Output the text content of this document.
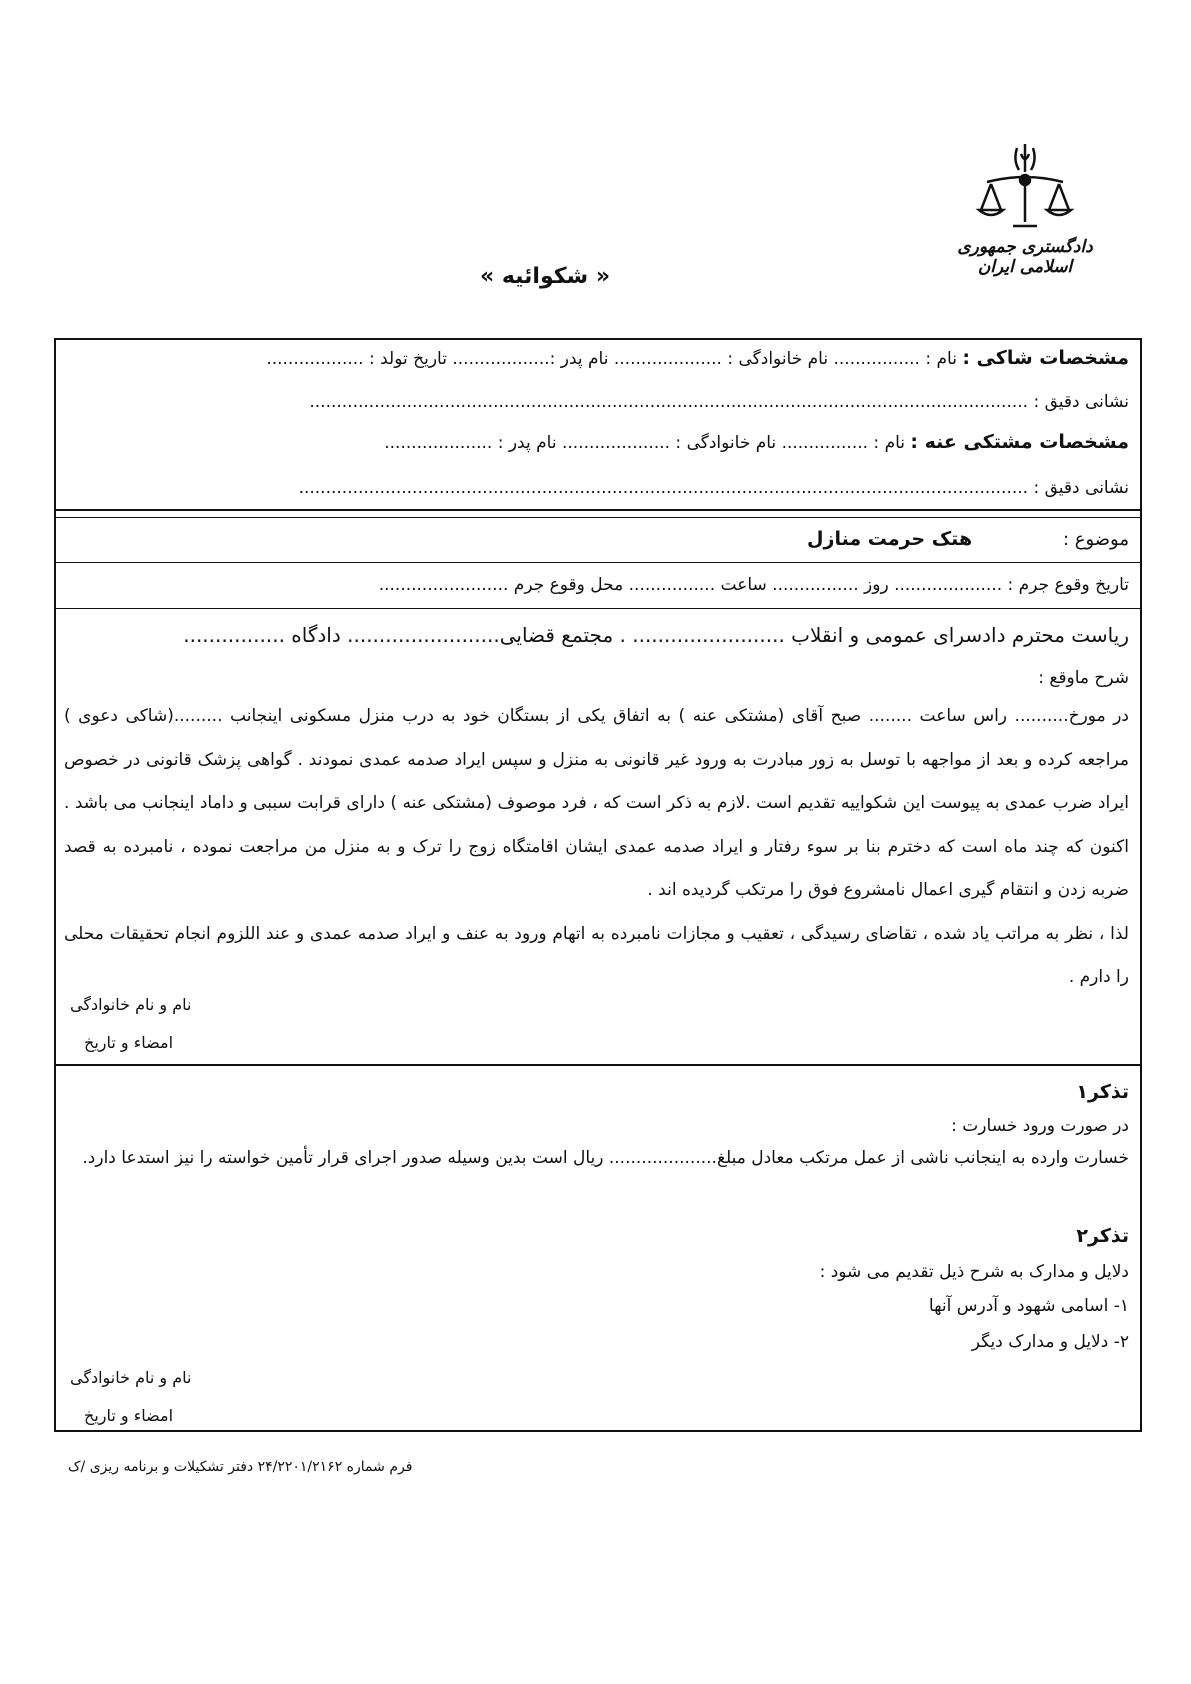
دادگستری جمهوری اسلامی ایران
« شکوائیه »
مشخصات شاکی : نام : ................ نام خانوادگی : .................... نام پدر :.................. تاریخ تولد : ..................
نشانی دقیق : .....................................................................................................................................
مشخصات مشتکی عنه : نام : ................ نام خانوادگی : .................... نام پدر : ....................
نشانی دقیق : .......................................................................................................................................
موضوع :  هتک حرمت منازل
تاریخ وقوع جرم : .................... روز ................ ساعت ................ محل وقوع جرم ........................
ریاست محترم دادسرای عمومی و انقلاب ........................ . مجتمع قضایی........................ دادگاه ................
شرح ماوقع :

در مورخ.......... راس ساعت ........ صبح آقای (مشتکی عنه ) به اتفاق یکی از بستگان خود به درب منزل مسکونی اینجانب .........(شاکی دعوی ) مراجعه کرده و بعد از مواجهه با توسل به زور مبادرت به ورود غیر قانونی به منزل و سپس ایراد صدمه عمدی نمودند . گواهی پزشک قانونی در خصوص ایراد ضرب عمدی به پیوست این شکواییه تقدیم است .لازم به ذکر است که ، فرد موصوف (مشتکی عنه ) دارای قرابت سببی و داماد اینجانب می باشد . اکنون که چند ماه است که دخترم بنا بر سوء رفتار و ایراد صدمه عمدی ایشان اقامتگاه زوج را ترک و به منزل من مراجعت نموده ، نامبرده به قصد ضربه زدن و انتقام گیری اعمال نامشروع فوق را مرتکب گردیده اند .

لذا ، نظر به مراتب یاد شده ، تقاضای رسیدگی ، تعقیب و مجازات نامبرده به اتهام ورود به عنف و ایراد صدمه عمدی و عند اللزوم انجام تحقیقات محلی را دارم .

نام و نام خانوادگی
امضاء و تاریخ
تذکر۱
در صورت ورود خسارت :

خسارت وارده به اینجانب ناشی از عمل مرتکب معادل مبلغ.................... ریال است بدین وسیله صدور اجرای قرار تأمین خواسته را نیز استدعا دارد.

تذکر۲
دلایل و مدارک به شرح ذیل تقدیم می شود :
۱- اسامی شهود و آدرس آنها
۲- دلایل و مدارک دیگر
نام و نام خانوادگی
امضاء و تاریخ
فرم شماره ۲۴/۲۲۰۱/۲۱۶۲ دفتر تشکیلات و برنامه ریزی /ک
